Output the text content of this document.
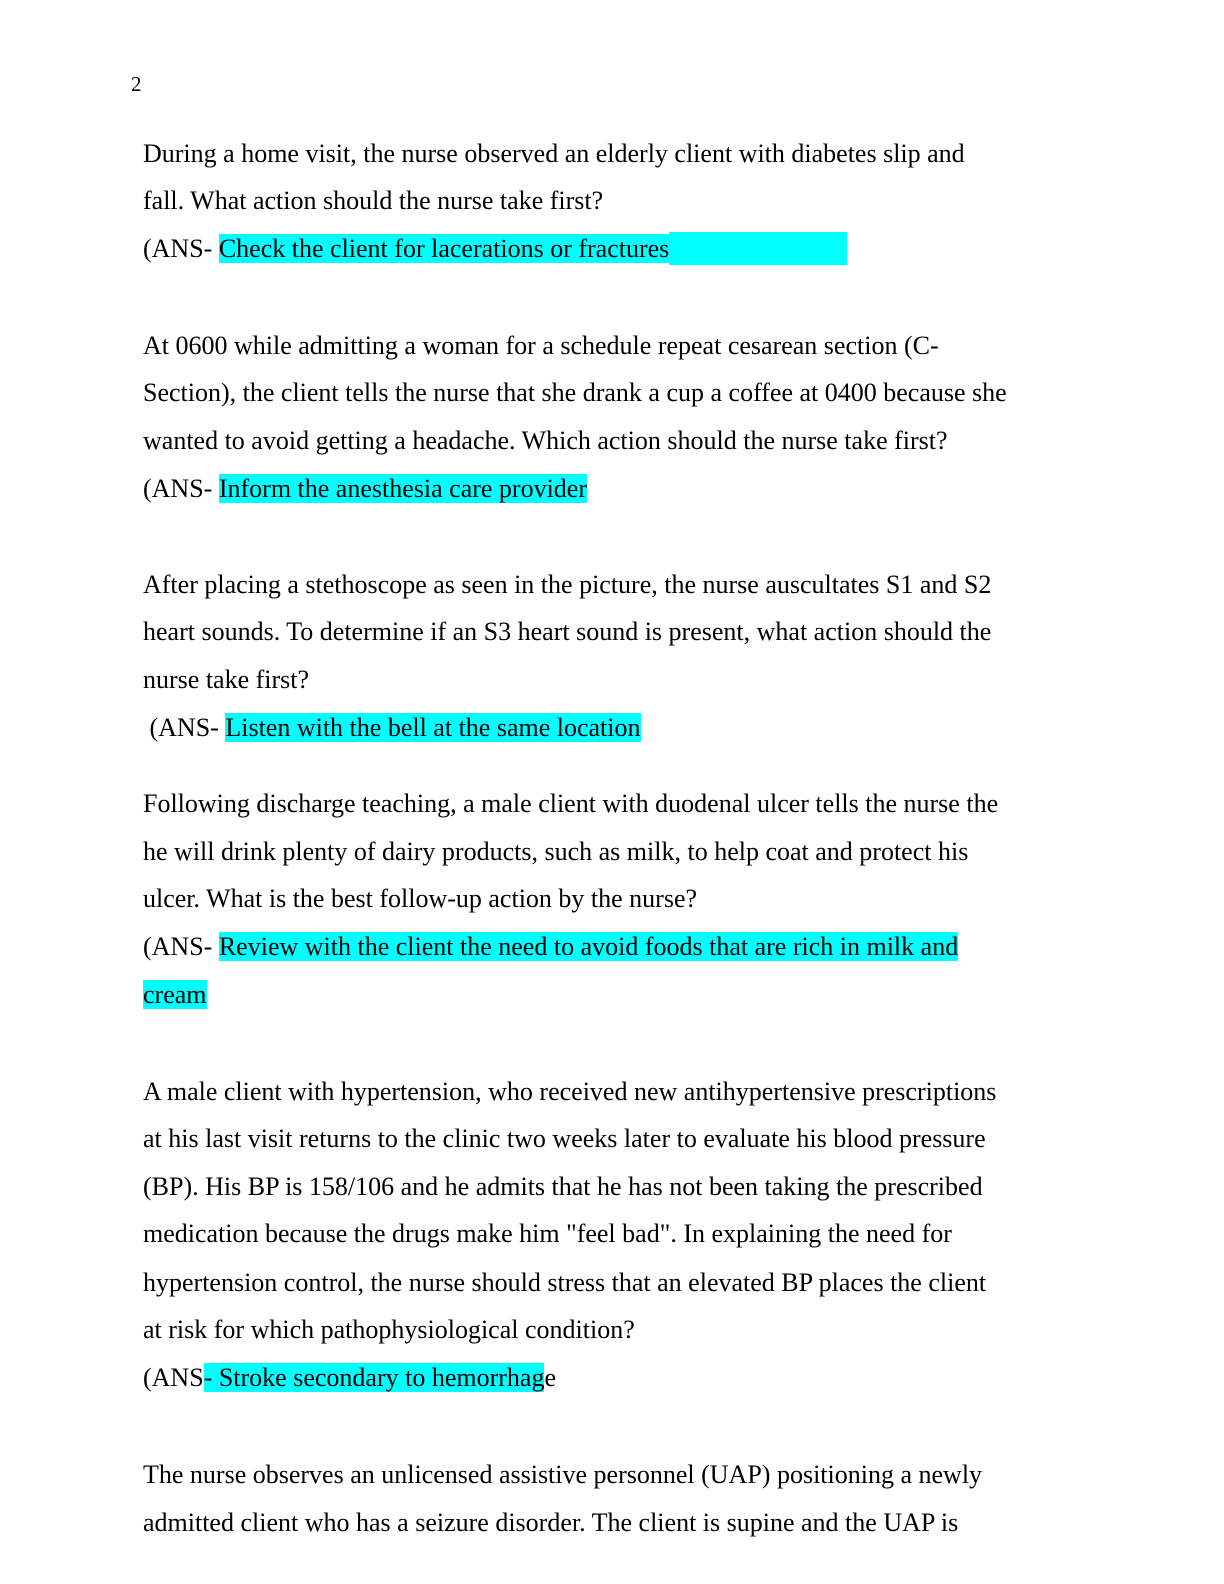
2
During a home visit, the nurse observed an elderly client with diabetes slip and
fall. What action should the nurse take first?
(ANS- Check the client for lacerations or fractures
At 0600 while admitting a woman for a schedule repeat cesarean section (C-
Section), the client tells the nurse that she drank a cup a coffee at 0400 because she
wanted to avoid getting a headache. Which action should the nurse take first?
(ANS- Inform the anesthesia care provider
After placing a stethoscope as seen in the picture, the nurse auscultates S1 and S2
heart sounds. To determine if an S3 heart sound is present, what action should the
nurse take first?
(ANS- Listen with the bell at the same location
Following discharge teaching, a male client with duodenal ulcer tells the nurse the
he will drink plenty of dairy products, such as milk, to help coat and protect his
ulcer. What is the best follow-up action by the nurse?
(ANS- Review with the client the need to avoid foods that are rich in milk and
cream
A male client with hypertension, who received new antihypertensive prescriptions
at his last visit returns to the clinic two weeks later to evaluate his blood pressure
(BP). His BP is 158/106 and he admits that he has not been taking the prescribed
medication because the drugs make him "feel bad". In explaining the need for
hypertension control, the nurse should stress that an elevated BP places the client
at risk for which pathophysiological condition?
(ANS- Stroke secondary to hemorrhage
The nurse observes an unlicensed assistive personnel (UAP) positioning a newly
admitted client who has a seizure disorder. The client is supine and the UAP is
